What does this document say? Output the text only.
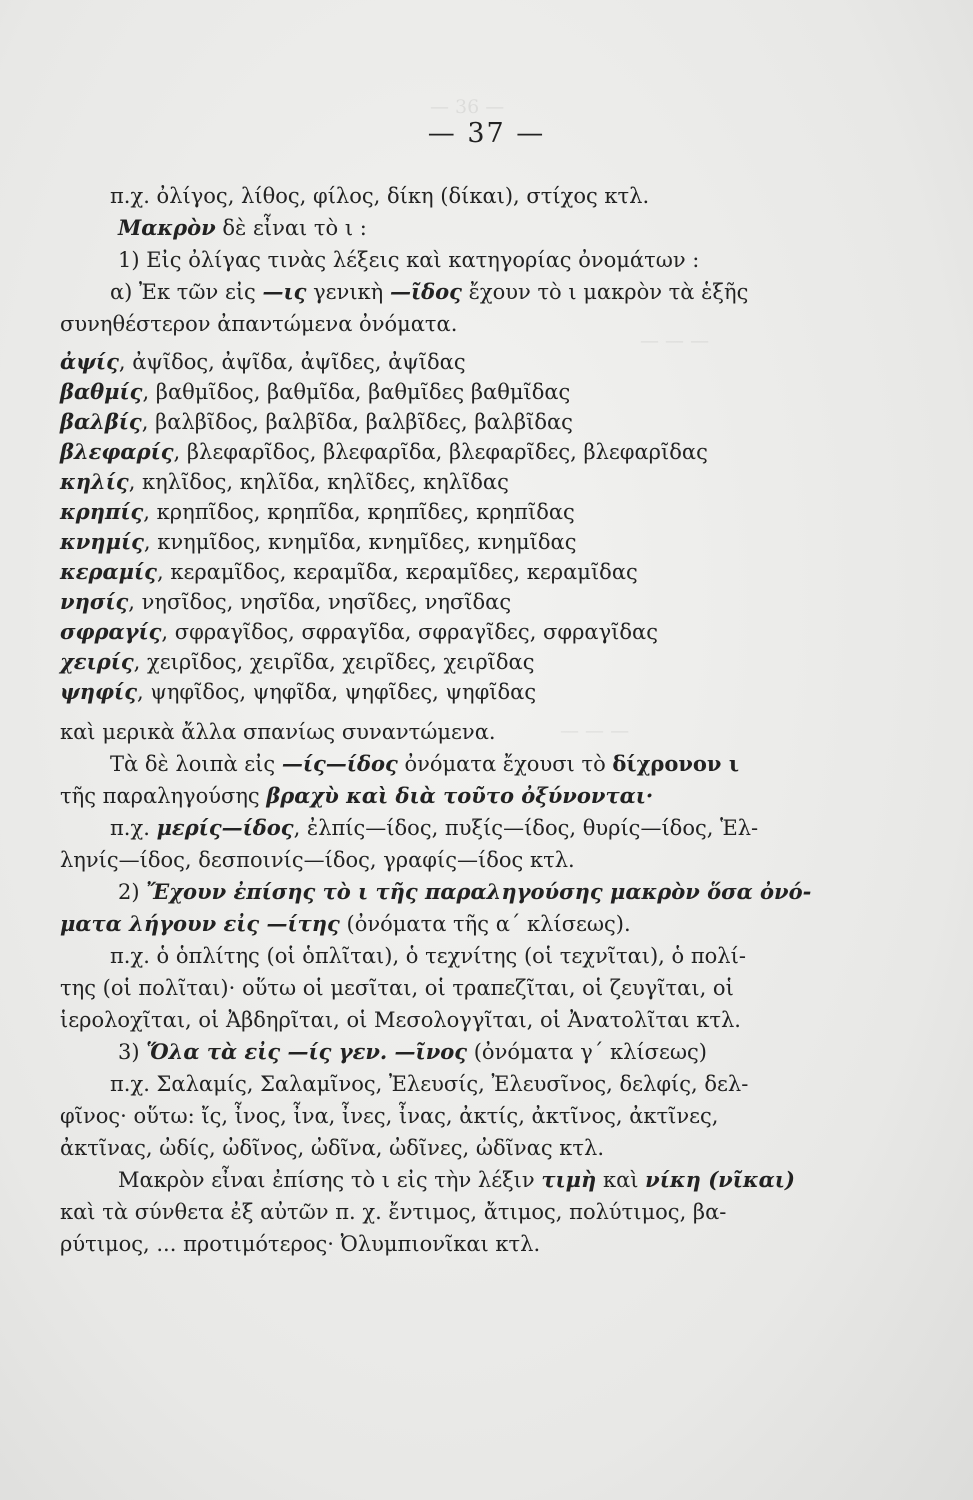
— 36 —
— — —
— — —
— 37 —
π.χ. ὀλίγος, λίθος, φίλος, δίκη (δίκαι), στίχος κτλ.
Μακρὸν δὲ εἶναι τὸ ι :
1) Εἰς ὀλίγας τινὰς λέξεις καὶ κατηγορίας ὀνομάτων :
α) Ἐκ τῶν εἰς —ις γενικὴ —ῖδος ἔχουν τὸ ι μακρὸν τὰ ἑξῆς
συνηθέστερον ἀπαντώμενα ὀνόματα.
ἀψίς, ἀψῖδος, ἀψῖδα, ἀψῖδες, ἀψῖδας
βαθμίς, βαθμῖδος, βαθμῖδα, βαθμῖδες βαθμῖδας
βαλβίς, βαλβῖδος, βαλβῖδα, βαλβῖδες, βαλβῖδας
βλεφαρίς, βλεφαρῖδος, βλεφαρῖδα, βλεφαρῖδες, βλεφαρῖδας
κηλίς, κηλῖδος, κηλῖδα, κηλῖδες, κηλῖδας
κρηπίς, κρηπῖδος, κρηπῖδα, κρηπῖδες, κρηπῖδας
κνημίς, κνημῖδος, κνημῖδα, κνημῖδες, κνημῖδας
κεραμίς, κεραμῖδος, κεραμῖδα, κεραμῖδες, κεραμῖδας
νησίς, νησῖδος, νησῖδα, νησῖδες, νησῖδας
σφραγίς, σφραγῖδος, σφραγῖδα, σφραγῖδες, σφραγῖδας
χειρίς, χειρῖδος, χειρῖδα, χειρῖδες, χειρῖδας
ψηφίς, ψηφῖδος, ψηφῖδα, ψηφῖδες, ψηφῖδας
καὶ μερικὰ ἄλλα σπανίως συναντώμενα.
Τὰ δὲ λοιπὰ εἰς —ίς—ίδος ὀνόματα ἔχουσι τὸ δίχρονον ι
τῆς παραληγούσης βραχὺ καὶ διὰ τοῦτο ὀξύνονται·
π.χ. μερίς—ίδος, ἐλπίς—ίδος, πυξίς—ίδος, θυρίς—ίδος, Ἑλ-
ληνίς—ίδος, δεσποινίς—ίδος, γραφίς—ίδος κτλ.
2) Ἔχουν ἐπίσης τὸ ι τῆς παραληγούσης μακρὸν ὅσα ὀνό-
ματα λήγουν εἰς —ίτης (ὀνόματα τῆς α΄ κλίσεως).
π.χ. ὁ ὁπλίτης (οἱ ὁπλῖται), ὁ τεχνίτης (οἱ τεχνῖται), ὁ πολί-
της (οἱ πολῖται)· οὕτω οἱ μεσῖται, οἱ τραπεζῖται, οἱ ζευγῖται, οἱ
ἱερολοχῖται, οἱ Ἀβδηρῖται, οἱ Μεσολογγῖται, οἱ Ἀνατολῖται κτλ.
3) Ὅλα τὰ εἰς —ίς γεν. —ῖνος (ὀνόματα γ΄ κλίσεως)
π.χ. Σαλαμίς, Σαλαμῖνος, Ἐλευσίς, Ἐλευσῖνος, δελφίς, δελ-
φῖνος· οὕτω: ἴς, ἶνος, ἶνα, ἶνες, ἶνας, ἀκτίς, ἀκτῖνος, ἀκτῖνες,
ἀκτῖνας, ὠδίς, ὠδῖνος, ὠδῖνα, ὠδῖνες, ὠδῖνας κτλ.
Μακρὸν εἶναι ἐπίσης τὸ ι εἰς τὴν λέξιν τιμὴ καὶ νίκη (νῖκαι)
καὶ τὰ σύνθετα ἐξ αὐτῶν π. χ. ἔντιμος, ἄτιμος, πολύτιμος, βα-
ρύτιμος, ... προτιμότερος· Ὀλυμπιονῖκαι κτλ.
